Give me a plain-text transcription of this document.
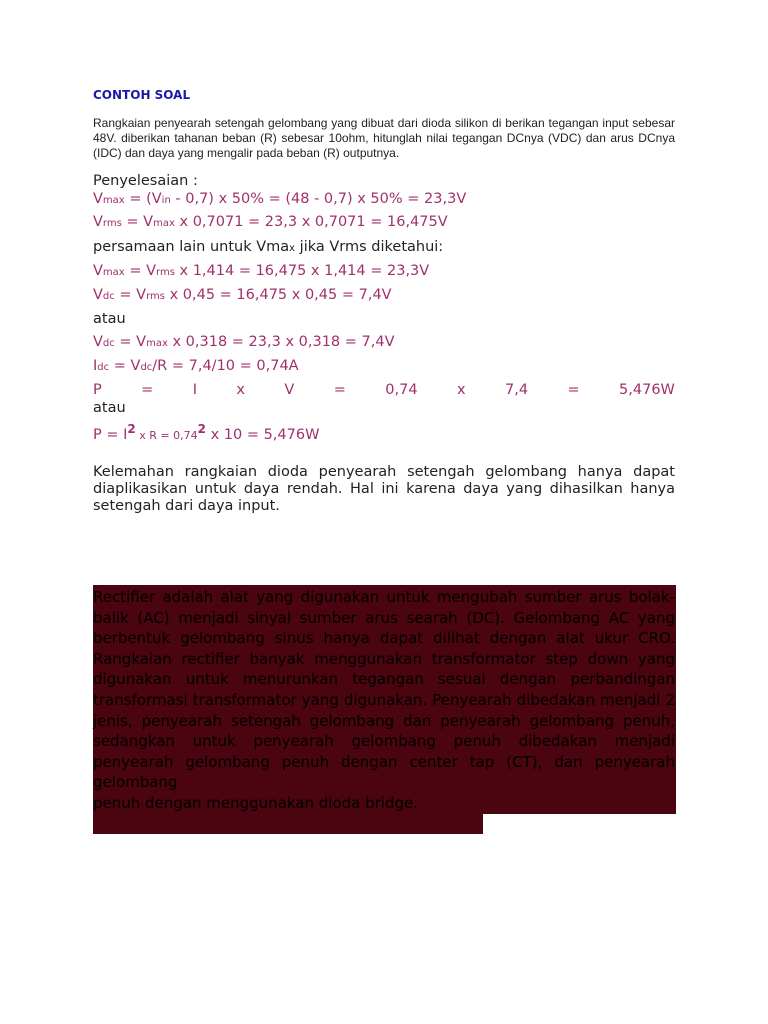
CONTOH SOAL
Rangkaian penyearah setengah gelombang yang dibuat dari dioda silikon di berikan tegangan input sebesar 48V. diberikan tahanan beban (R) sebesar 10ohm, hitunglah nilai tegangan DCnya (VDC) dan arus DCnya (IDC) dan daya yang mengalir pada beban (R) outputnya.
Penyelesaian :
Vmax = (Vin - 0,7) x 50% = (48 - 0,7) x 50% = 23,3V
Vrms = Vmax x 0,7071 = 23,3 x 0,7071 = 16,475V
persamaan lain untuk Vmax jika Vrms diketahui:
Vmax = Vrms x 1,414 = 16,475 x 1,414 = 23,3V
Vdc = Vrms x 0,45 = 16,475 x 0,45 = 7,4V
atau
Vdc = Vmax x 0,318 = 23,3 x 0,318 = 7,4V
Idc = Vdc/R = 7,4/10 = 0,74A
P	=	I	x	V	=	0,74	x	7,4	=	5,476W
atau
$P = I^2$ x $R = 0,74^2$ x 10 = 5,476W
Kelemahan rangkaian dioda penyearah setengah gelombang hanya dapat diaplikasikan untuk daya rendah. Hal ini karena daya yang dihasilkan hanya setengah dari daya input.
Rectifier adalah alat yang digunakan untuk mengubah sumber arus bolak-balik (AC) menjadi sinyal sumber arus searah (DC). Gelombang AC yang berbentuk gelombang sinus hanya dapat dilihat dengan alat ukur CRO. Rangkaian rectifier banyak menggunakan transformator step down yang digunakan untuk menurunkan tegangan sesuai dengan perbandingan transformasi transformator yang digunakan. Penyearah dibedakan menjadi 2 jenis, penyearah setengah gelombang dan penyearah gelombang penuh, sedangkan untuk penyearah gelombang penuh dibedakan menjadi penyearah gelombang penuh dengan center tap (CT), dan penyearah gelombang
penuh dengan menggunakan dioda bridge.
